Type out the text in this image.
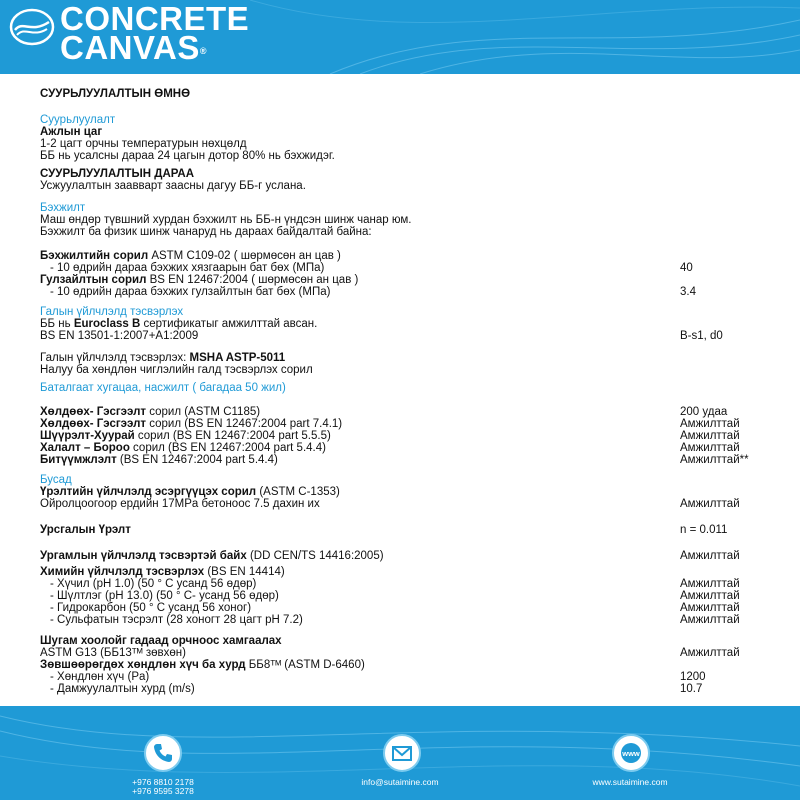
CONCRETE
CANVAS®
СУУРЬЛУУЛАЛТЫН ӨМНӨ
Суурьлуулалт
Ажлын цаг
1-2 цагт орчны температурын нөхцөлд
ББ нь усалсны дараа 24 цагын дотор 80% нь бэхжидэг.
СУУРЬЛУУЛАЛТЫН ДАРАА
Усжуулалтын заавварт заасны дагуу ББ-г услана.
Бэхжилт
Маш өндөр түвшний хурдан бэхжилт нь ББ-н үндсэн шинж чанар юм.
Бэхжилт ба физик шинж чанаруд нь дараах байдалтай байна:
Бэхжилтийн сорил ASTM C109-02 ( шөрмөсөн ан цав )
- 10 өдрийн дараа бэхжих хязгаарын бат бөх (МПа)	40
Гулзайлтын сорил BS EN 12467:2004 ( шөрмөсөн ан цав )
- 10 өдрийн дараа бэхжих гулзайлтын бат бөх (МПа)	3.4
Галын үйлчлэлд тэсвэрлэх
ББ нь Euroclass B сертификатыг амжилттай авсан.
BS EN 13501-1:2007+A1:2009	B-s1, d0
Галын үйлчлэлд тэсвэрлэх: MSHA ASTP-5011
Налуу ба хөндлөн чиглэлийн галд тэсвэрлэх сорил
Баталгаат хугацаа, насжилт ( багадаа 50 жил)
Хөлдөөх- Гэсгээлт сорил (ASTM C1185)	200 удаа
Хөлдөөх- Гэсгээлт сорил (BS EN 12467:2004 part 7.4.1)	Амжилттай
Шүүрэлт-Хуурай сорил (BS EN 12467:2004 part 5.5.5)	Амжилттай
Халалт – Бороо сорил (BS EN 12467:2004 part 5.4.4)	Амжилттай
Битүүмжлэлт (BS EN 12467:2004 part 5.4.4)	Амжилттай**
Бусад
Үрэлтийн үйлчлэлд эсэргүүцэх сорил (ASTM C-1353)
Ойролцоогоор ердийн 17МPа бетоноос 7.5 дахин их	Амжилттай
Урсгалын Үрэлт	n = 0.011
Ургамлын үйлчлэлд тэсвэртэй байх (DD CEN/TS 14416:2005)	Амжилттай
Химийн үйлчлэлд тэсвэрлэх (BS EN 14414)
- Хүчил (pH 1.0) (50 ° С усанд 56 өдөр)	Амжилттай
- Шүлтлэг (pH 13.0) (50 ° С- усанд 56 өдөр)	Амжилттай
- Гидрокарбон (50 ° С усанд 56 хоног)	Амжилттай
- Сульфатын тэсрэлт (28 хоногт 28 цагт pH 7.2)	Амжилттай
Шугам хоолойг гадаад орчноос хамгаалах
ASTM G13 (ББ13ᵀᴹ зөвхөн)	Амжилттай
Зөвшөөрөгдөх хөндлөн хүч ба хурд ББ8ᵀᴹ (ASTM D-6460)
- Хөндлөн хүч (Pa)	1200
- Дамжуулалтын хурд (m/s)	10.7
www
+976 8810 2178
+976 9595 3278
info@sutaimine.com	www.sutaimine.com
